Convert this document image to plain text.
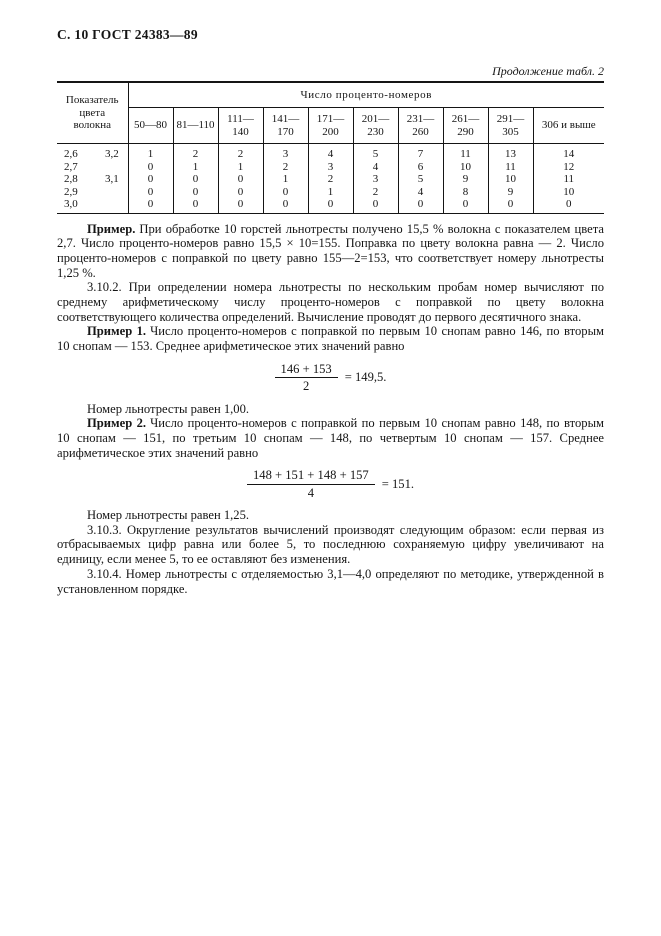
С. 10 ГОСТ 24383—89
Продолжение табл. 2
Показатель цвета волокна	Число проценто-номеров									
	50—80	81—110	111—140	141—170	171—200	201—230	231—260	261—290	291—305	306 и выше

2,6 3,2	1	2	2	3	4	5	7	11	13	14

2,7	0	1	1	2	3	4	6	10	11	12

2,8 3,1	0	0	0	1	2	3	5	9	10	11

2,9	0	0	0	0	1	2	4	8	9	10

3,0	0	0	0	0	0	0	0	0	0	0

Пример. При обработке 10 горстей льнотресты получено 15,5 % волокна с показателем цвета 2,7. Число проценто-номеров равно 15,5 × 10=155. Поправка по цвету волокна равна — 2. Число проценто-номеров с поправкой по цвету равно 155—2=153, что соответствует номеру льнотресты 1,25 %.

3.10.2. При определении номера льнотресты по нескольким пробам номер вычисляют по среднему арифметическому числу проценто-номеров с поправкой по цвету волокна соответствующего количества определений. Вычисление проводят до первого десятичного знака.

Пример 1. Число проценто-номеров с поправкой по первым 10 снопам равно 146, по вторым 10 снопам — 153. Среднее арифметическое этих значений равно

$\frac{146 + 153}{2} = 149,5$.

Номер льнотресты равен 1,00.

Пример 2. Число проценто-номеров с поправкой по первым 10 снопам равно 148, по вторым 10 снопам — 151, по третьим 10 снопам — 148, по четвертым 10 снопам — 157. Среднее арифметическое этих значений равно

$\frac{148 + 151 + 148 + 157}{4} = 151$.

Номер льнотресты равен 1,25.

3.10.3. Округление результатов вычислений производят следующим образом: если первая из отбрасываемых цифр равна или более 5, то последнюю сохраняемую цифру увеличивают на единицу, если менее 5, то ее оставляют без изменения.

3.10.4. Номер льнотресты с отделяемостью 3,1—4,0 определяют по методике, утвержденной в установленном порядке.
